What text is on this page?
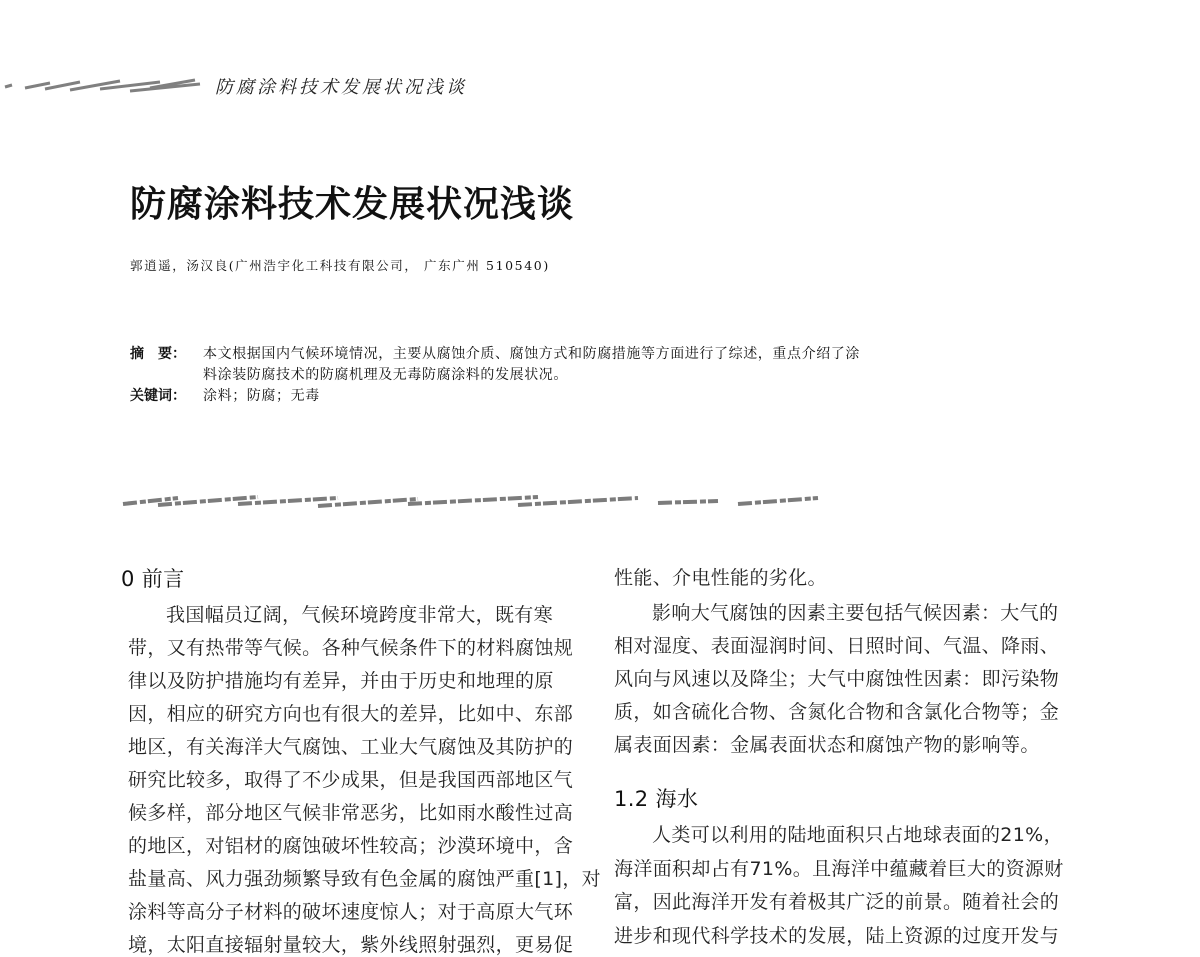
防腐涂料技术发展状况浅谈
防腐涂料技术发展状况浅谈
郭逍遥，汤汉良(广州浩宇化工科技有限公司， 广东广州 510540)
摘　要： 本文根据国内气候环境情况，主要从腐蚀介质、腐蚀方式和防腐措施等方面进行了综述，重点介绍了涂
料涂装防腐技术的防腐机理及无毒防腐涂料的发展状况。
关键词： 涂料；防腐；无毒
0 前言
我国幅员辽阔，气候环境跨度非常大，既有寒
带，又有热带等气候。各种气候条件下的材料腐蚀规
律以及防护措施均有差异，并由于历史和地理的原
因，相应的研究方向也有很大的差异，比如中、东部
地区，有关海洋大气腐蚀、工业大气腐蚀及其防护的
研究比较多，取得了不少成果，但是我国西部地区气
候多样，部分地区气候非常恶劣，比如雨水酸性过高
的地区，对铝材的腐蚀破坏性较高；沙漠环境中，含
盐量高、风力强劲频繁导致有色金属的腐蚀严重[1]，对
涂料等高分子材料的破坏速度惊人；对于高原大气环
境，太阳直接辐射量较大，紫外线照射强烈，更易促
性能、介电性能的劣化。
影响大气腐蚀的因素主要包括气候因素：大气的
相对湿度、表面湿润时间、日照时间、气温、降雨、
风向与风速以及降尘；大气中腐蚀性因素：即污染物
质，如含硫化合物、含氮化合物和含氯化合物等；金
属表面因素：金属表面状态和腐蚀产物的影响等。
1.2 海水
人类可以利用的陆地面积只占地球表面的21%，
海洋面积却占有71%。且海洋中蕴藏着巨大的资源财
富，因此海洋开发有着极其广泛的前景。随着社会的
进步和现代科学技术的发展，陆上资源的过度开发与
